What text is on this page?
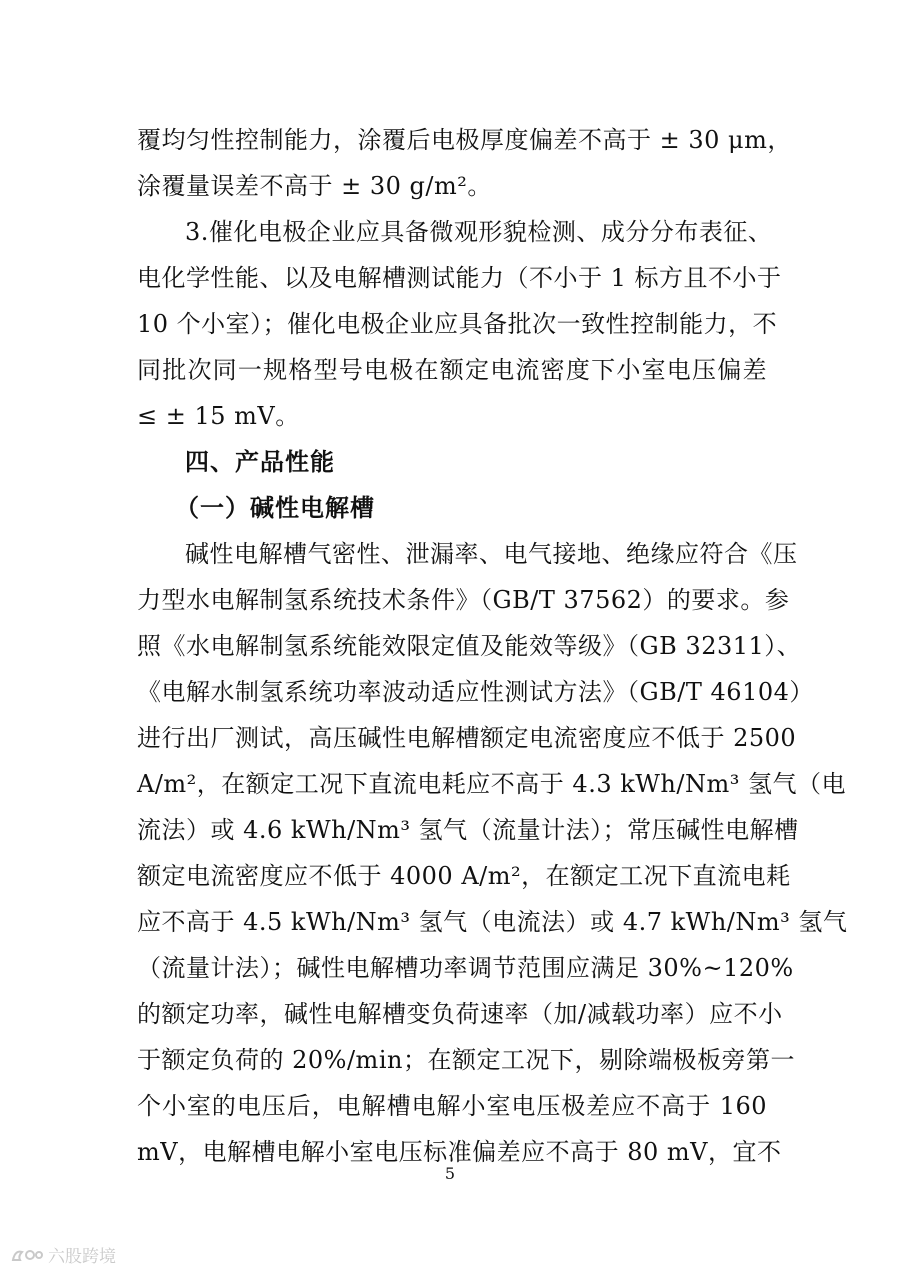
覆均匀性控制能力，涂覆后电极厚度偏差不高于 ± 30 μm，
涂覆量误差不高于 ± 30 g/m²。
3.催化电极企业应具备微观形貌检测、成分分布表征、
电化学性能、以及电解槽测试能力（不小于 1 标方且不小于
10 个小室）；催化电极企业应具备批次一致性控制能力，不
同批次同一规格型号电极在额定电流密度下小室电压偏差
≤ ± 15 mV。
四、产品性能
（一）碱性电解槽
碱性电解槽气密性、泄漏率、电气接地、绝缘应符合《压
力型水电解制氢系统技术条件》（GB/T 37562）的要求。参
照《水电解制氢系统能效限定值及能效等级》（GB 32311）、
《电解水制氢系统功率波动适应性测试方法》（GB/T 46104）
进行出厂测试，高压碱性电解槽额定电流密度应不低于 2500
A/m²，在额定工况下直流电耗应不高于 4.3 kWh/Nm³ 氢气（电
流法）或 4.6 kWh/Nm³ 氢气（流量计法）；常压碱性电解槽
额定电流密度应不低于 4000 A/m²，在额定工况下直流电耗
应不高于 4.5 kWh/Nm³ 氢气（电流法）或 4.7 kWh/Nm³ 氢气
（流量计法）；碱性电解槽功率调节范围应满足 30%~120%
的额定功率，碱性电解槽变负荷速率（加/减载功率）应不小
于额定负荷的 20%/min；在额定工况下，剔除端极板旁第一
个小室的电压后，电解槽电解小室电压极差应不高于 160
mV，电解槽电解小室电压标准偏差应不高于 80 mV，宜不
5
六股跨境
